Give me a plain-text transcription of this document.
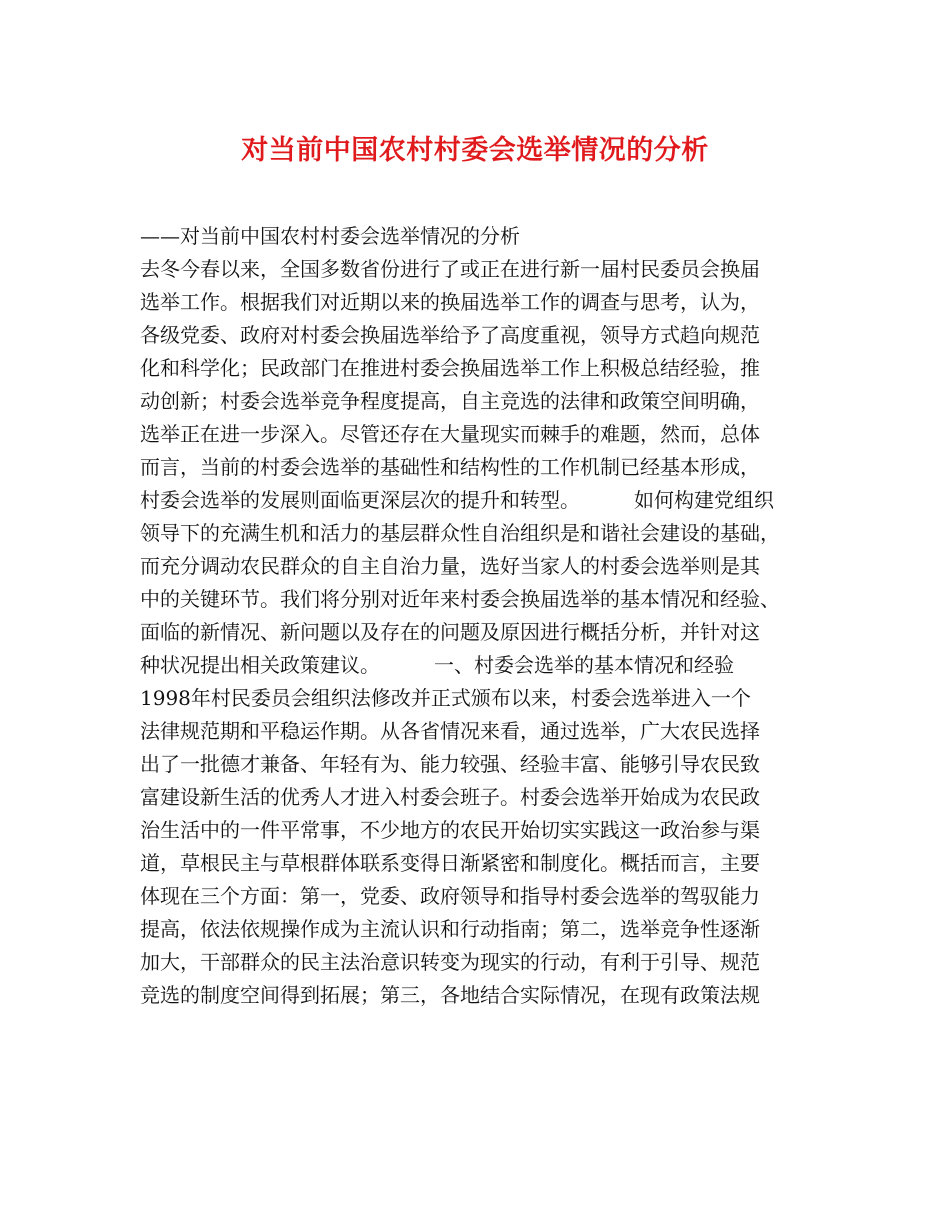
对当前中国农村村委会选举情况的分析
——对当前中国农村村委会选举情况的分析
去冬今春以来，全国多数省份进行了或正在进行新一届村民委员会换届
选举工作。根据我们对近期以来的换届选举工作的调查与思考，认为，
各级党委、政府对村委会换届选举给予了高度重视，领导方式趋向规范
化和科学化；民政部门在推进村委会换届选举工作上积极总结经验，推
动创新；村委会选举竞争程度提高，自主竞选的法律和政策空间明确，
选举正在进一步深入。尽管还存在大量现实而棘手的难题，然而，总体
而言，当前的村委会选举的基础性和结构性的工作机制已经基本形成，
村委会选举的发展则面临更深层次的提升和转型。	如何构建党组织
领导下的充满生机和活力的基层群众性自治组织是和谐社会建设的基础，
而充分调动农民群众的自主自治力量，选好当家人的村委会选举则是其
中的关键环节。我们将分别对近年来村委会换届选举的基本情况和经验、
面临的新情况、新问题以及存在的问题及原因进行概括分析，并针对这
种状况提出相关政策建议。	一、村委会选举的基本情况和经验
1998年村民委员会组织法修改并正式颁布以来，村委会选举进入一个
法律规范期和平稳运作期。从各省情况来看，通过选举，广大农民选择
出了一批德才兼备、年轻有为、能力较强、经验丰富、能够引导农民致
富建设新生活的优秀人才进入村委会班子。村委会选举开始成为农民政
治生活中的一件平常事，不少地方的农民开始切实实践这一政治参与渠
道，草根民主与草根群体联系变得日渐紧密和制度化。概括而言，主要
体现在三个方面：第一，党委、政府领导和指导村委会选举的驾驭能力
提高，依法依规操作成为主流认识和行动指南；第二，选举竞争性逐渐
加大，干部群众的民主法治意识转变为现实的行动，有利于引导、规范
竞选的制度空间得到拓展；第三，各地结合实际情况，在现有政策法规
